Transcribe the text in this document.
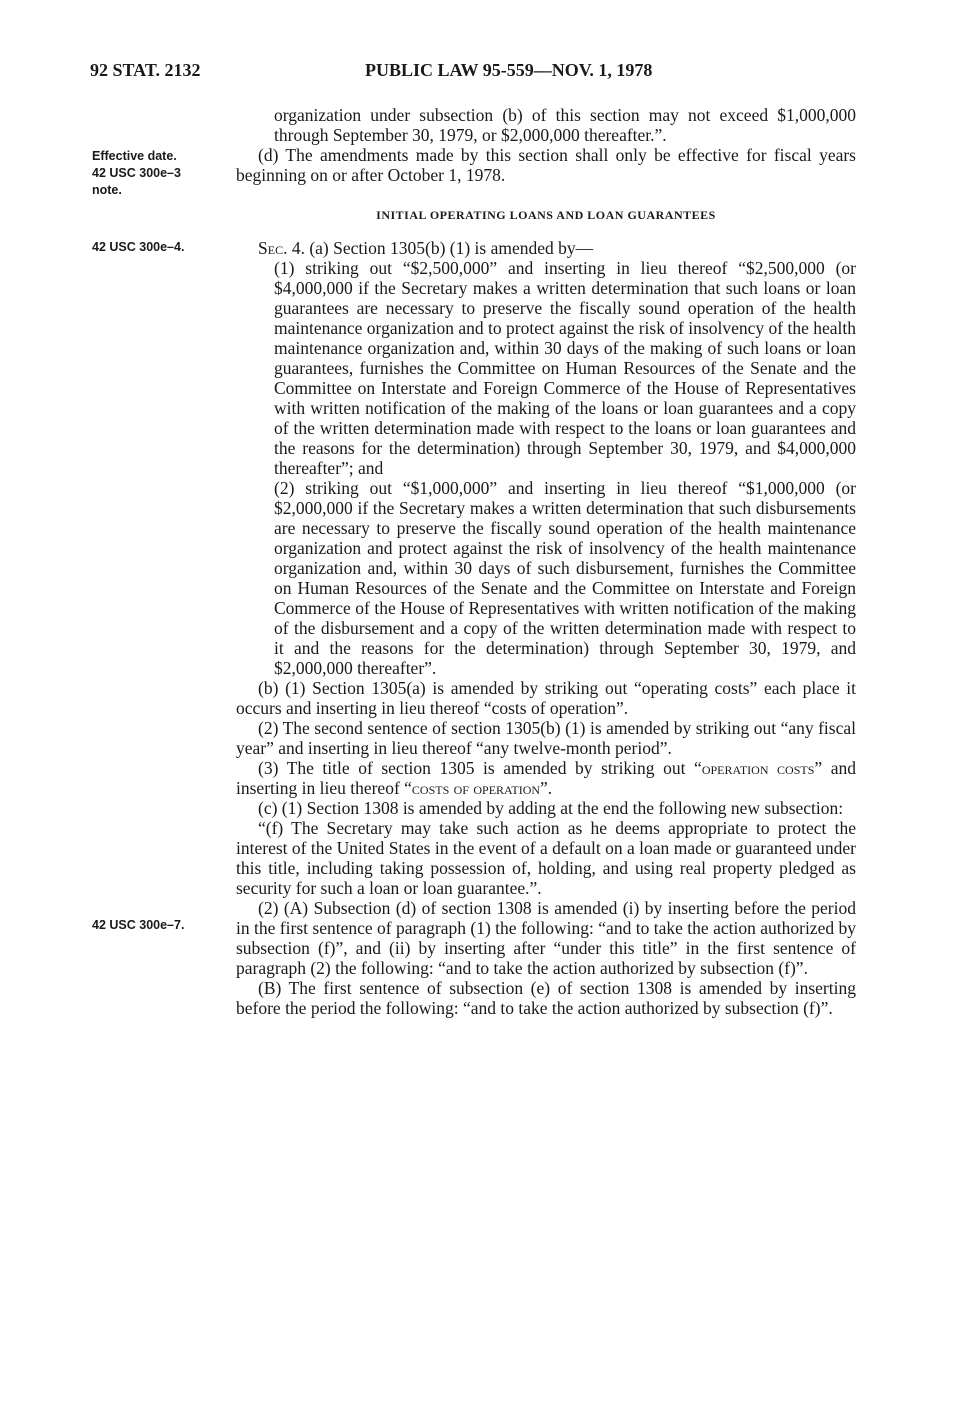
92 STAT. 2132	PUBLIC LAW 95-559—NOV. 1, 1978
Effective date.
42 USC 300e–3
note.
42 USC 300e–4.
42 USC 300e–7.

organization under subsection (b) of this section may not exceed $1,000,000 through September 30, 1979, or $2,000,000 thereafter.”.

(d) The amendments made by this section shall only be effective for fiscal years beginning on or after October 1, 1978.

INITIAL OPERATING LOANS AND LOAN GUARANTEES

Sec. 4. (a) Section 1305(b) (1) is amended by—

(1) striking out “$2,500,000” and inserting in lieu thereof “$2,500,000 (or $4,000,000 if the Secretary makes a written determination that such loans or loan guarantees are necessary to preserve the fiscally sound operation of the health maintenance organization and to protect against the risk of insolvency of the health maintenance organization and, within 30 days of the making of such loans or loan guarantees, furnishes the Committee on Human Resources of the Senate and the Committee on Interstate and Foreign Commerce of the House of Representatives with written notification of the making of the loans or loan guarantees and a copy of the written determination made with respect to the loans or loan guarantees and the reasons for the determination) through September 30, 1979, and $4,000,000 thereafter”; and

(2) striking out “$1,000,000” and inserting in lieu thereof “$1,000,000 (or $2,000,000 if the Secretary makes a written determination that such disbursements are necessary to preserve the fiscally sound operation of the health maintenance organization and protect against the risk of insolvency of the health maintenance organization and, within 30 days of such disbursement, furnishes the Committee on Human Resources of the Senate and the Committee on Interstate and Foreign Commerce of the House of Representatives with written notification of the making of the disbursement and a copy of the written determination made with respect to it and the reasons for the determination) through September 30, 1979, and $2,000,000 thereafter”.

(b) (1) Section 1305(a) is amended by striking out “operating costs” each place it occurs and inserting in lieu thereof “costs of operation”.

(2) The second sentence of section 1305(b) (1) is amended by striking out “any fiscal year” and inserting in lieu thereof “any twelve-month period”.

(3) The title of section 1305 is amended by striking out “operation costs” and inserting in lieu thereof “costs of operation”.

(c) (1) Section 1308 is amended by adding at the end the following new subsection:

“(f) The Secretary may take such action as he deems appropriate to protect the interest of the United States in the event of a default on a loan made or guaranteed under this title, including taking possession of, holding, and using real property pledged as security for such a loan or loan guarantee.”.

(2) (A) Subsection (d) of section 1308 is amended (i) by inserting before the period in the first sentence of paragraph (1) the following: “and to take the action authorized by subsection (f)”, and (ii) by inserting after “under this title” in the first sentence of paragraph (2) the following: “and to take the action authorized by subsection (f)”.

(B) The first sentence of subsection (e) of section 1308 is amended by inserting before the period the following: “and to take the action authorized by subsection (f)”.
